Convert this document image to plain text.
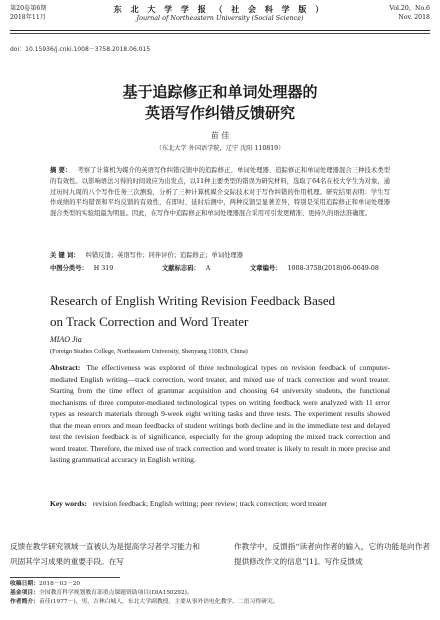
第20卷第6期
2018年11月
东 北 大 学 学 报 （ 社 会 科 学 版 ）
Journal of Northeastern University (Social Science)
Vol.20，No.6
Nov. 2018
doi：10.15936/j.cnki.1008－3758.2018.06.015
基于追踪修正和单词处理器的
英语写作纠错反馈研究
苗 佳
（东北大学 外国语学院，辽宁 沈阳 110819）
摘 要： 考察了计算机为媒介的英语写作纠错反馈中的追踪修正、单词处理器、追踪修正和单词处理器混合三种技术类型的有效性。以影响语法习得的时间效应为出发点，以11种主要类型的错误为研究材料，选取了64名在校大学生为对象，通过历时九周的八个写作任务三次测验，分析了三种计算机媒介交际技术对于写作纠错的作用机理。研究结果表明：学生写作成绩的平均错误和平均反馈的有效性，在即时、延时后测中，两种反馈呈显著差异，特别是采用追踪修正和单词处理器混合类型的实验组最为明显。因此，在写作中追踪修正和单词处理器混合采用可引发更精准、更持久的语法准确度。
关 键 词： 纠错反馈；英语写作；同伴评价；追踪修正；单词处理器
中图分类号： H 319	文献标志码： A	文章编号： 1008-3758(2018)06-0649-08
Research of English Writing Revision Feedback Based
on Track Correction and Word Treater
MIAO Jia
(Foreign Studies College, Northeastern University, Shenyang 110819, China)
Abstract: The effectiveness was explored of three technological types on revision feedback of computer-mediated English writing—track correction, word treater, and mixed use of track correction and word treater. Starting from the time effect of grammar acquisition and choosing 64 university students, the functional mechanisms of three computer-mediated technological types on writing feedback were analyzed with 11 error types as research materials through 9-week eight writing tasks and three tests. The experiment results showed that the mean errors and mean feedbacks of student writings both decline and in the immediate test and delayed test the revision feedback is of significance, especially for the group adopting the mixed track correction and word treater. Therefore, the mixed use of track correction and word treater is likely to result in more precise and lasting grammatical accuracy in English writing.
Key words: revision feedback; English writing; peer review; track correction; word treater
反馈在教学研究领域一直被认为是提高学习者学习能力和巩固其学习成果的重要手段。在写
作教学中，反馈指“读者向作者的输入，它的功能是向作者提供修改作文的信息”[1]。写作反馈成
收稿日期：2018－03－20
基金项目：全国教育科学规划教育部重点课题资助项目(DIA150292)。
作者简介：苗佳(1977－)，男，吉林白城人，东北大学副教授，主要从事外语电化教学、二语习得研究。
